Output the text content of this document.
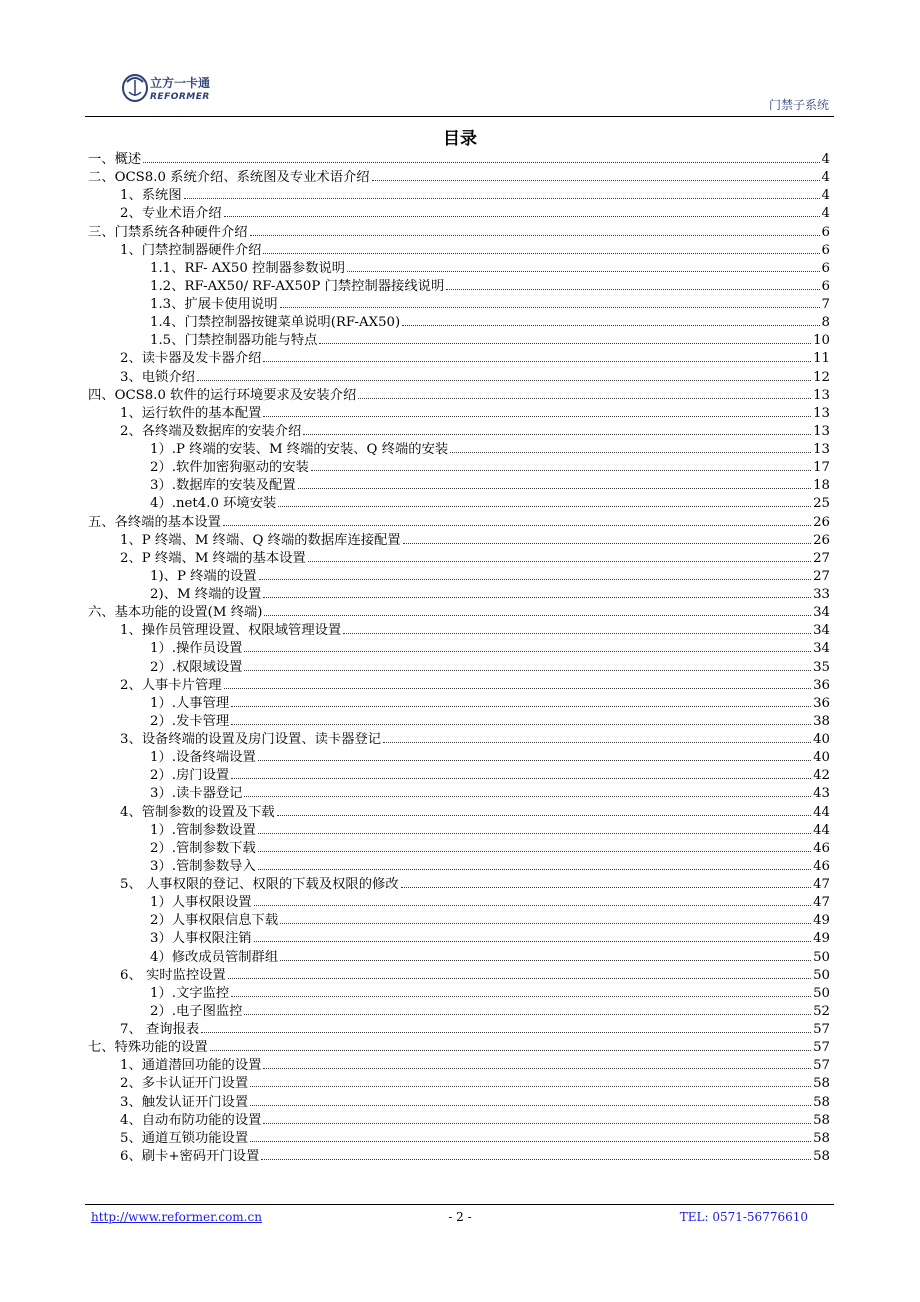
立方一卡通
REFORMER
门禁子系统
目录
一、概述	4
二、OCS8.0 系统介绍、系统图及专业术语介绍	4
1、系统图	4
2、专业术语介绍	4
三、门禁系统各种硬件介绍	6
1、门禁控制器硬件介绍	6
1.1、RF- AX50 控制器参数说明	6
1.2、RF-AX50/ RF-AX50P 门禁控制器接线说明	6
1.3、扩展卡使用说明	7
1.4、门禁控制器按键菜单说明(RF-AX50)	8
1.5、门禁控制器功能与特点	10
2、读卡器及发卡器介绍	11
3、电锁介绍	12
四、OCS8.0 软件的运行环境要求及安装介绍	13
1、运行软件的基本配置	13
2、各终端及数据库的安装介绍	13
1）.P 终端的安装、M 终端的安装、Q 终端的安装	13
2）.软件加密狗驱动的安装	17
3）.数据库的安装及配置	18
4）.net4.0 环境安装	25
五、各终端的基本设置	26
1、P 终端、M 终端、Q 终端的数据库连接配置	26
2、P 终端、M 终端的基本设置	27
1)、P 终端的设置	27
2)、M 终端的设置	33
六、基本功能的设置(M 终端)	34
1、操作员管理设置、权限域管理设置	34
1）.操作员设置	34
2）.权限域设置	35
2、人事卡片管理	36
1）.人事管理	36
2）.发卡管理	38
3、设备终端的设置及房门设置、读卡器登记	40
1）.设备终端设置	40
2）.房门设置	42
3）.读卡器登记	43
4、管制参数的设置及下载	44
1）.管制参数设置	44
2）.管制参数下载	46
3）.管制参数导入	46
5、 人事权限的登记、权限的下载及权限的修改	47
1）人事权限设置	47
2）人事权限信息下载	49
3）人事权限注销	49
4）修改成员管制群组	50
6、 实时监控设置	50
1）.文字监控	50
2）.电子图监控	52
7、 查询报表	57
七、特殊功能的设置	57
1、通道潜回功能的设置	57
2、多卡认证开门设置	58
3、触发认证开门设置	58
4、自动布防功能的设置	58
5、通道互锁功能设置	58
6、刷卡+密码开门设置	58
http://www.reformer.com.cn	- 2 -	TEL: 0571-56776610
